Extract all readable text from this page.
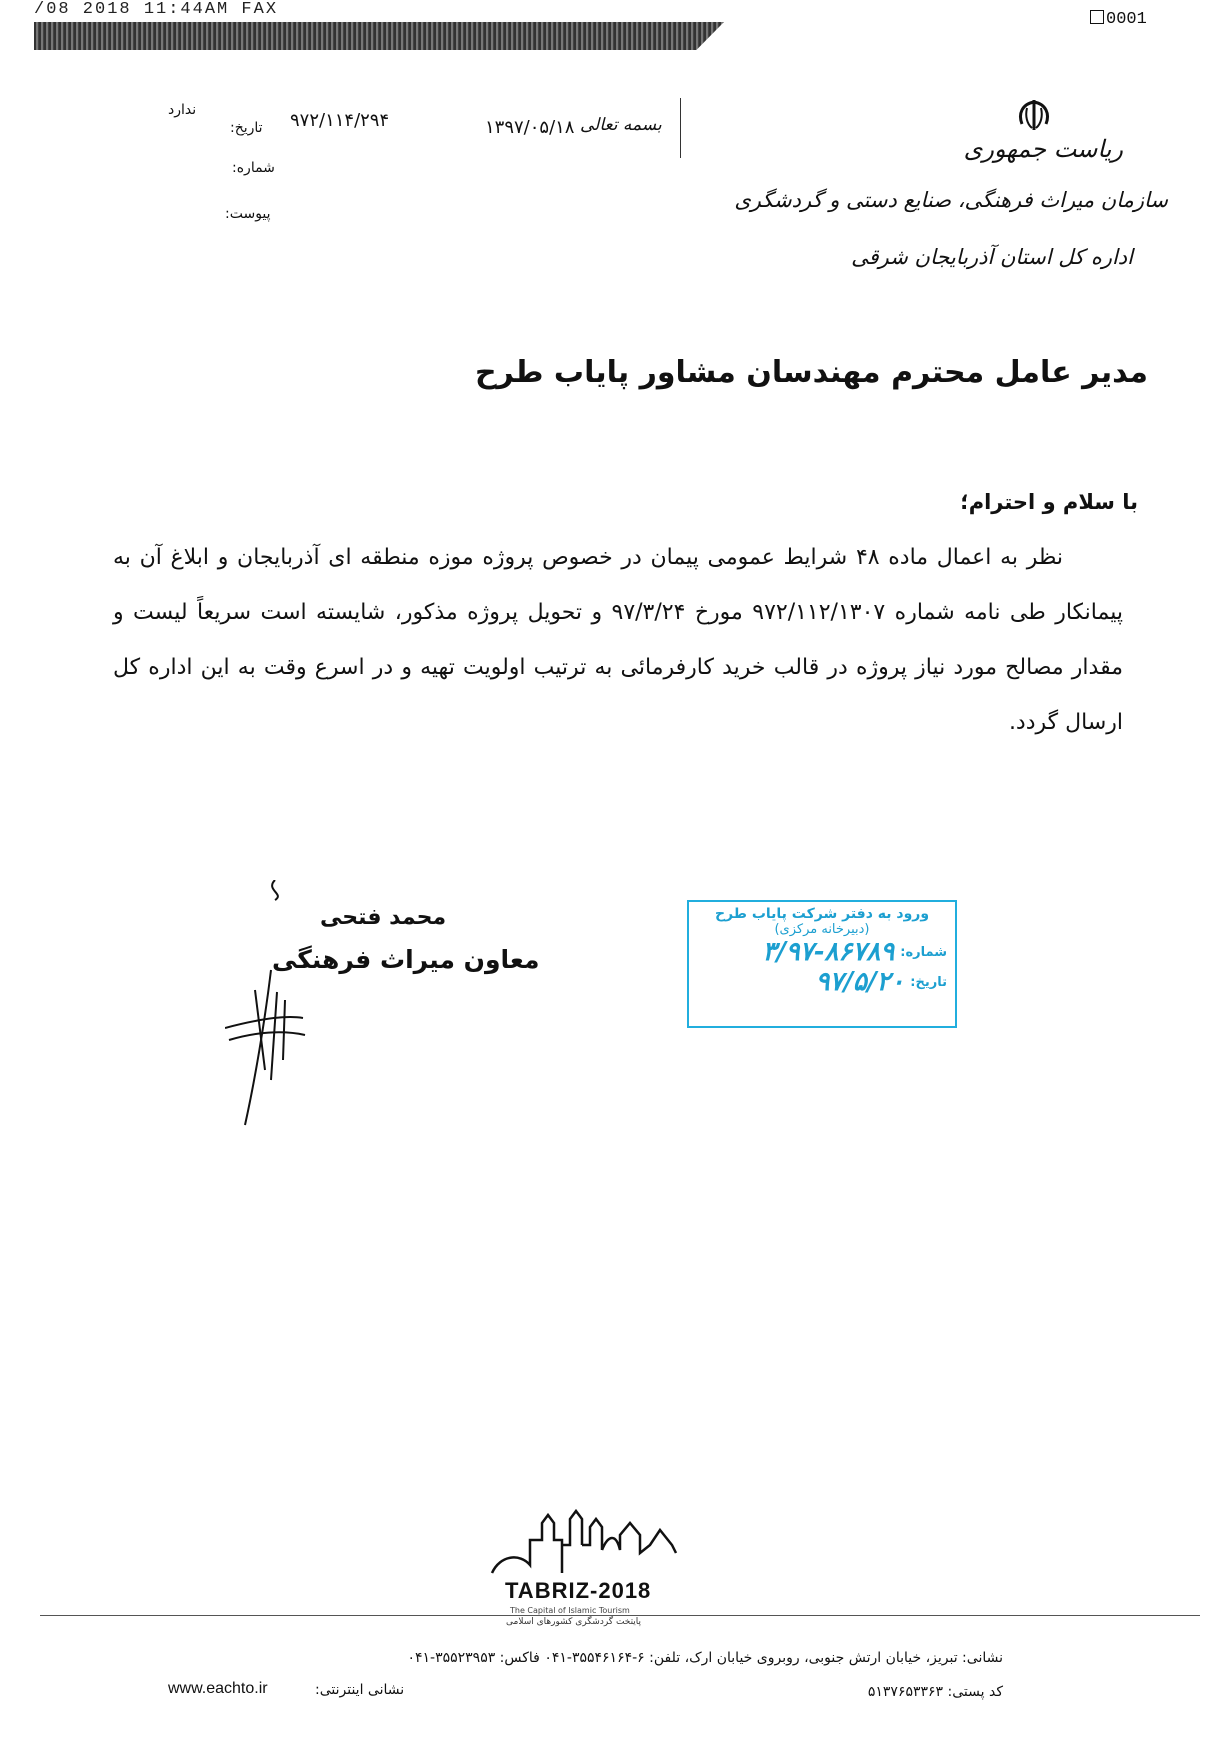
/08 2018 11:44AM FAX
0001
بسمه تعالی
۱۳۹۷/۰۵/۱۸
تاریخ: ۹۷۲/۱۱۴/۲۹۴
ندارد
شماره:
پیوست:
ریاست جمهوری
سازمان میراث فرهنگی، صنایع دستی و گردشگری
اداره کل استان آذربایجان شرقی
مدیر عامل محترم مهندسان مشاور پایاب طرح
با سلام و احترام؛
نظر به اعمال ماده ۴۸ شرایط عمومی پیمان در خصوص پروژه موزه منطقه ای آذربایجان و ابلاغ آن به پیمانکار طی نامه شماره ۹۷۲/۱۱۲/۱۳۰۷ مورخ ۹۷/۳/۲۴ و تحویل پروژه مذکور، شایسته است سریعاً لیست و مقدار مصالح مورد نیاز پروژه در قالب خرید کارفرمائی به ترتیب اولویت تهیه و در اسرع وقت به این اداره کل ارسال گردد.
محمد فتحی
معاون میراث فرهنگی
ورود به دفتر شرکت پایاب طرح
(دبیرخانه مرکزی)
شماره:
۳/۹۷-۸۶۷۸۹
تاریخ:
۹۷/۵/۲۰
TABRIZ-2018
The Capital of Islamic Tourism
پایتخت گردشگری کشورهای اسلامی
نشانی: تبریز، خیابان ارتش جنوبی، روبروی خیابان ارک، تلفن: ۶-۳۵۵۴۶۱۶۴-۰۴۱ فاکس: ۳۵۵۲۳۹۵۳-۰۴۱
نشانی اینترنتی:
www.eachto.ir	کد پستی: ۵۱۳۷۶۵۳۳۶۳
